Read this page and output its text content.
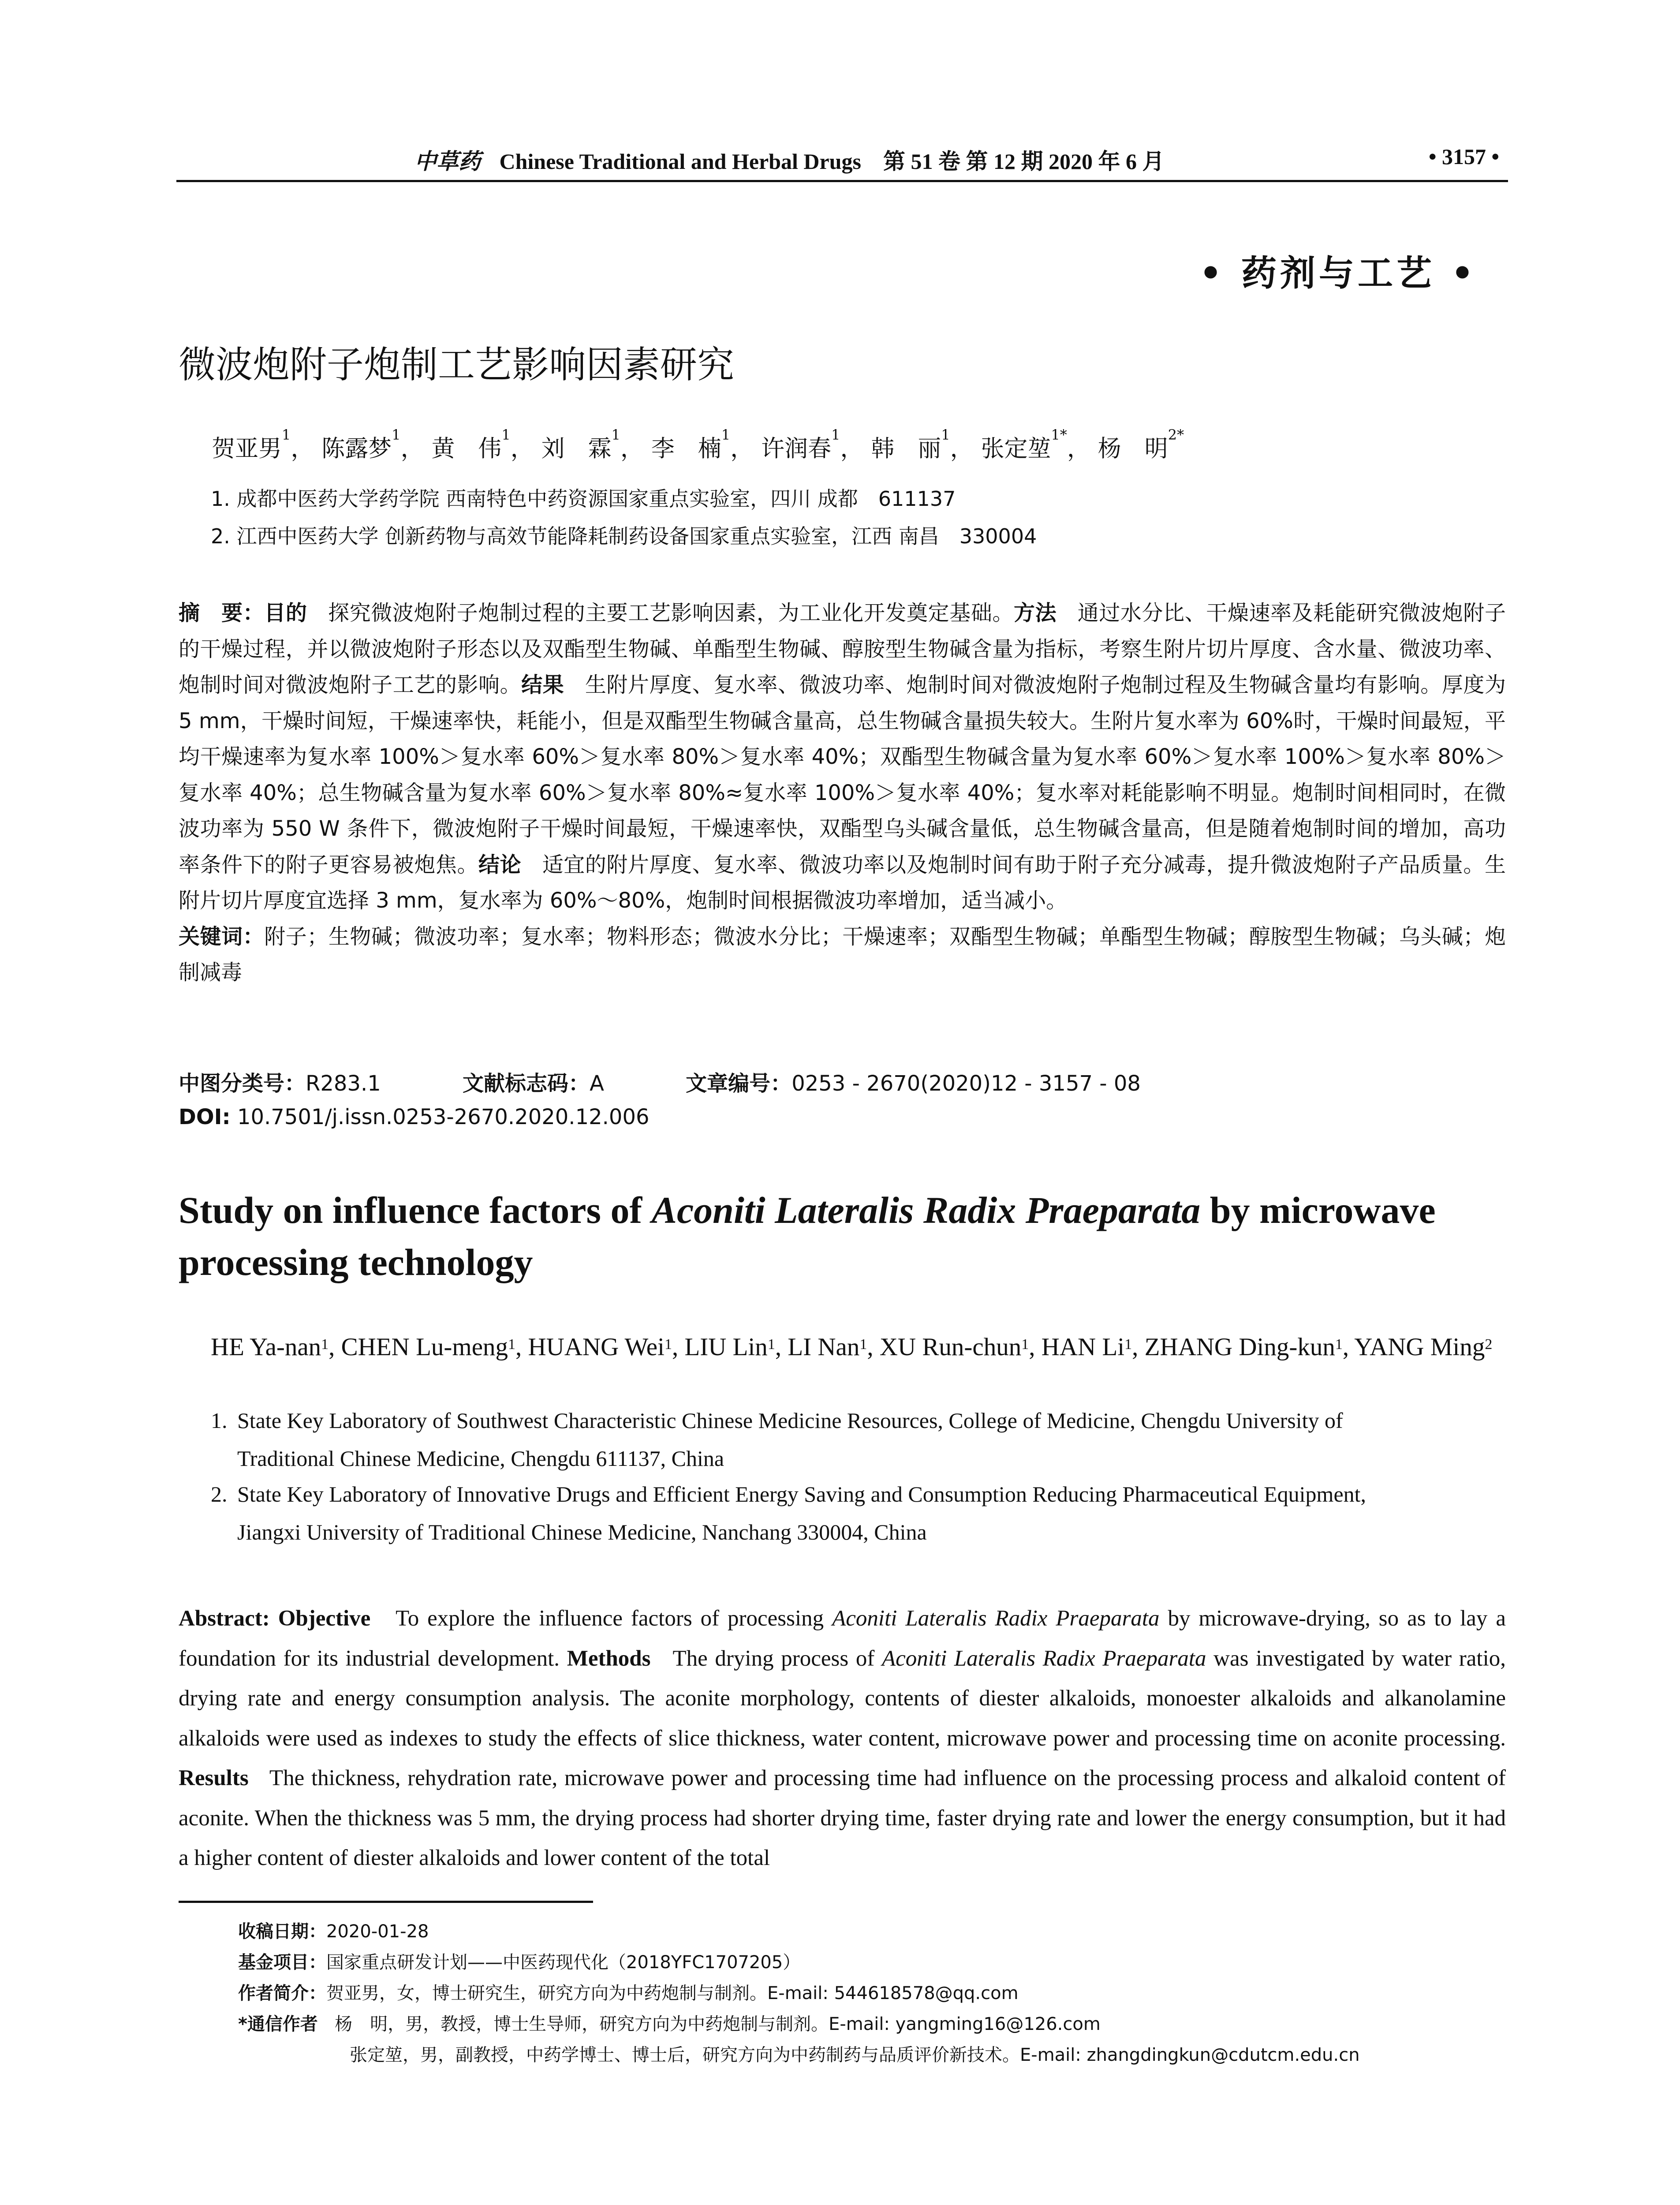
中草药 Chinese Traditional and Herbal Drugs 第 51 卷 第 12 期 2020 年 6 月	• 3157 •
• 药剂与工艺 •
微波炮附子炮制工艺影响因素研究
贺亚男$^1$， 陈露梦$^1$， 黄　伟$^1$， 刘　霖$^1$， 李　楠$^1$， 许润春$^1$， 韩　丽$^1$， 张定堃$^{1*}$， 杨　明$^{2*}$
1. 成都中医药大学药学院 西南特色中药资源国家重点实验室，四川 成都　611137
2. 江西中医药大学 创新药物与高效节能降耗制药设备国家重点实验室，江西 南昌　330004
摘　要：目的 探究微波炮附子炮制过程的主要工艺影响因素，为工业化开发奠定基础。方法 通过水分比、干燥速率及耗能研究微波炮附子的干燥过程，并以微波炮附子形态以及双酯型生物碱、单酯型生物碱、醇胺型生物碱含量为指标，考察生附片切片厚度、含水量、微波功率、炮制时间对微波炮附子工艺的影响。结果 生附片厚度、复水率、微波功率、炮制时间对微波炮附子炮制过程及生物碱含量均有影响。厚度为 5 mm，干燥时间短，干燥速率快，耗能小，但是双酯型生物碱含量高，总生物碱含量损失较大。生附片复水率为 60%时，干燥时间最短，平均干燥速率为复水率 100%＞复水率 60%＞复水率 80%＞复水率 40%；双酯型生物碱含量为复水率 60%＞复水率 100%＞复水率 80%＞复水率 40%；总生物碱含量为复水率 60%＞复水率 80%≈复水率 100%＞复水率 40%；复水率对耗能影响不明显。炮制时间相同时，在微波功率为 550 W 条件下，微波炮附子干燥时间最短，干燥速率快，双酯型乌头碱含量低，总生物碱含量高，但是随着炮制时间的增加，高功率条件下的附子更容易被炮焦。结论 适宜的附片厚度、复水率、微波功率以及炮制时间有助于附子充分减毒，提升微波炮附子产品质量。生附片切片厚度宜选择 3 mm，复水率为 60%～80%，炮制时间根据微波功率增加，适当减小。
关键词：附子；生物碱；微波功率；复水率；物料形态；微波水分比；干燥速率；双酯型生物碱；单酯型生物碱；醇胺型生物碱；乌头碱；炮制减毒
中图分类号：R283.1	文献标志码：A	文章编号：0253 - 2670(2020)12 - 3157 - 08
DOI: 10.7501/j.issn.0253-2670.2020.12.006
Study on influence factors of Aconiti Lateralis Radix Praeparata by microwave processing technology
HE Ya-nan$^1$, CHEN Lu-meng$^1$, HUANG Wei$^1$, LIU Lin$^1$, LI Nan$^1$, XU Run-chun$^1$, HAN Li$^1$, ZHANG Ding-kun$^1$, YANG Ming$^2$
1. State Key Laboratory of Southwest Characteristic Chinese Medicine Resources, College of Medicine, Chengdu University of
Traditional Chinese Medicine, Chengdu 611137, China
2. State Key Laboratory of Innovative Drugs and Efficient Energy Saving and Consumption Reducing Pharmaceutical Equipment,
Jiangxi University of Traditional Chinese Medicine, Nanchang 330004, China
Abstract: Objective To explore the influence factors of processing Aconiti Lateralis Radix Praeparata by microwave-drying, so as to lay a foundation for its industrial development. Methods The drying process of Aconiti Lateralis Radix Praeparata was investigated by water ratio, drying rate and energy consumption analysis. The aconite morphology, contents of diester alkaloids, monoester alkaloids and alkanolamine alkaloids were used as indexes to study the effects of slice thickness, water content, microwave power and processing time on aconite processing. Results The thickness, rehydration rate, microwave power and processing time had influence on the processing process and alkaloid content of aconite. When the thickness was 5 mm, the drying process had shorter drying time, faster drying rate and lower the energy consumption, but it had a higher content of diester alkaloids and lower content of the total
收稿日期：2020-01-28
基金项目：国家重点研发计划——中医药现代化（2018YFC1707205）
作者简介：贺亚男，女，博士研究生，研究方向为中药炮制与制剂。E-mail: 544618578@qq.com
*通信作者 杨　明，男，教授，博士生导师，研究方向为中药炮制与制剂。E-mail: yangming16@126.com
张定堃，男，副教授，中药学博士、博士后，研究方向为中药制药与品质评价新技术。E-mail: zhangdingkun@cdutcm.edu.cn
